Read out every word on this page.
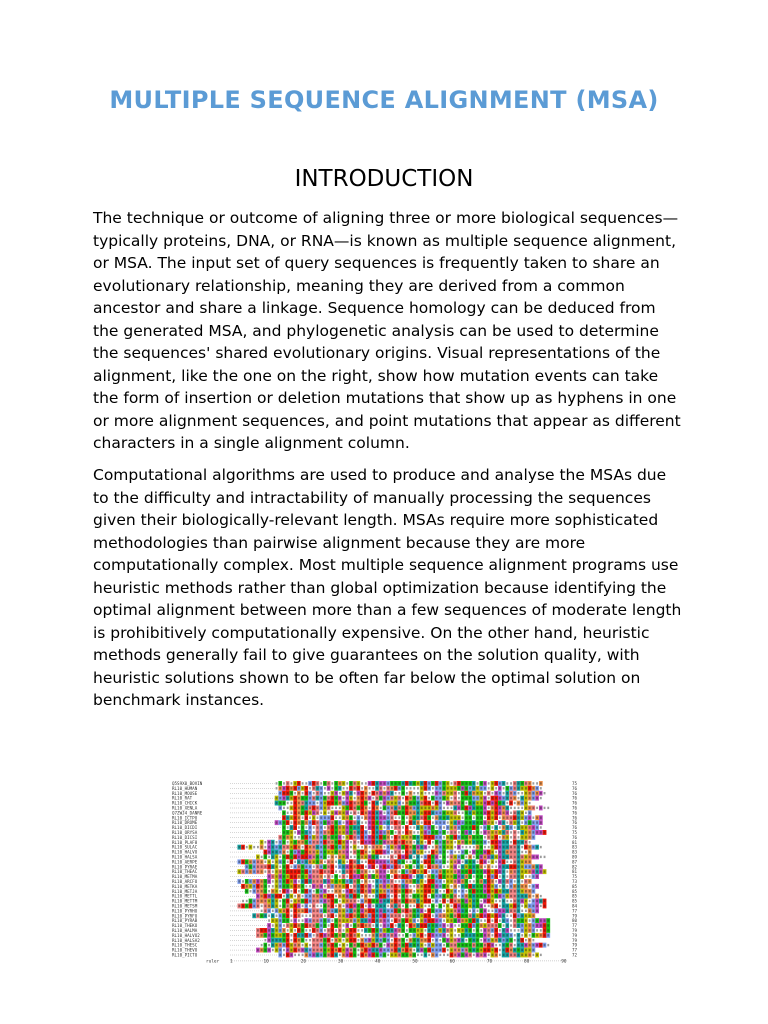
MULTIPLE SEQUENCE ALIGNMENT (MSA)
INTRODUCTION

The technique or outcome of aligning three or more biological sequences—typically proteins, DNA, or RNA—is known as multiple sequence alignment, or MSA. The input set of query sequences is frequently taken to share an evolutionary relationship, meaning they are derived from a common ancestor and share a linkage. Sequence homology can be deduced from the generated MSA, and phylogenetic analysis can be used to determine the sequences' shared evolutionary origins. Visual representations of the alignment, like the one on the right, show how mutation events can take the form of insertion or deletion mutations that show up as hyphens in one or more alignment sequences, and point mutations that appear as different characters in a single alignment column.

Computational algorithms are used to produce and analyse the MSAs due to the difficulty and intractability of manually processing the sequences given their biologically-relevant length. MSAs require more sophisticated methodologies than pairwise alignment because they are more computationally complex. Most multiple sequence alignment programs use heuristic methods rather than global optimization because identifying the optimal alignment between more than a few sequences of moderate length is prohibitively computationally expensive. On the other hand, heuristic methods generally fail to give guarantees on the solution quality, with heuristic solutions shown to be often far below the optimal solution on benchmark instances.

Q5S9X0_BOVIN	75
RL10_HUMAN	76
RL10_MOUSE	76
RL10_RAT	76
RL10_CHICK	76
RL10_XENLA	76
Q7ZWJ4_DANRE	76
RL10_ICTPU	76
RL10_DROME	76
RL10_DICDI	76
RL10_ORYSA	75
RL10_DICSI	76
RL10_PLAF8	81
RL10_SULAC	83
RL10_HALVO	83
RL10_HALSA	89
RL10_AERPE	87
RL10_PYRAE	82
RL10_THEAC	81
RL10_METMA	75
RL10_ARCFU	73
RL10_METKA	85
RL10_METJA	85
RL10_METTL	85
RL10_METTM	85
RL10_METSM	84
RL10_PYRHO	77
RL10_PYRFU	79
RL10_PYRAB	80
RL10_THEKO	77
RL10_HALMA	79
RL10_HALVO2	79
RL10_HALSA2	79
RL10_THESC	79
RL10_THEVO	77
RL10_PICTO	72
ruler 1	10	20	30	40	50	60	70	80	90
